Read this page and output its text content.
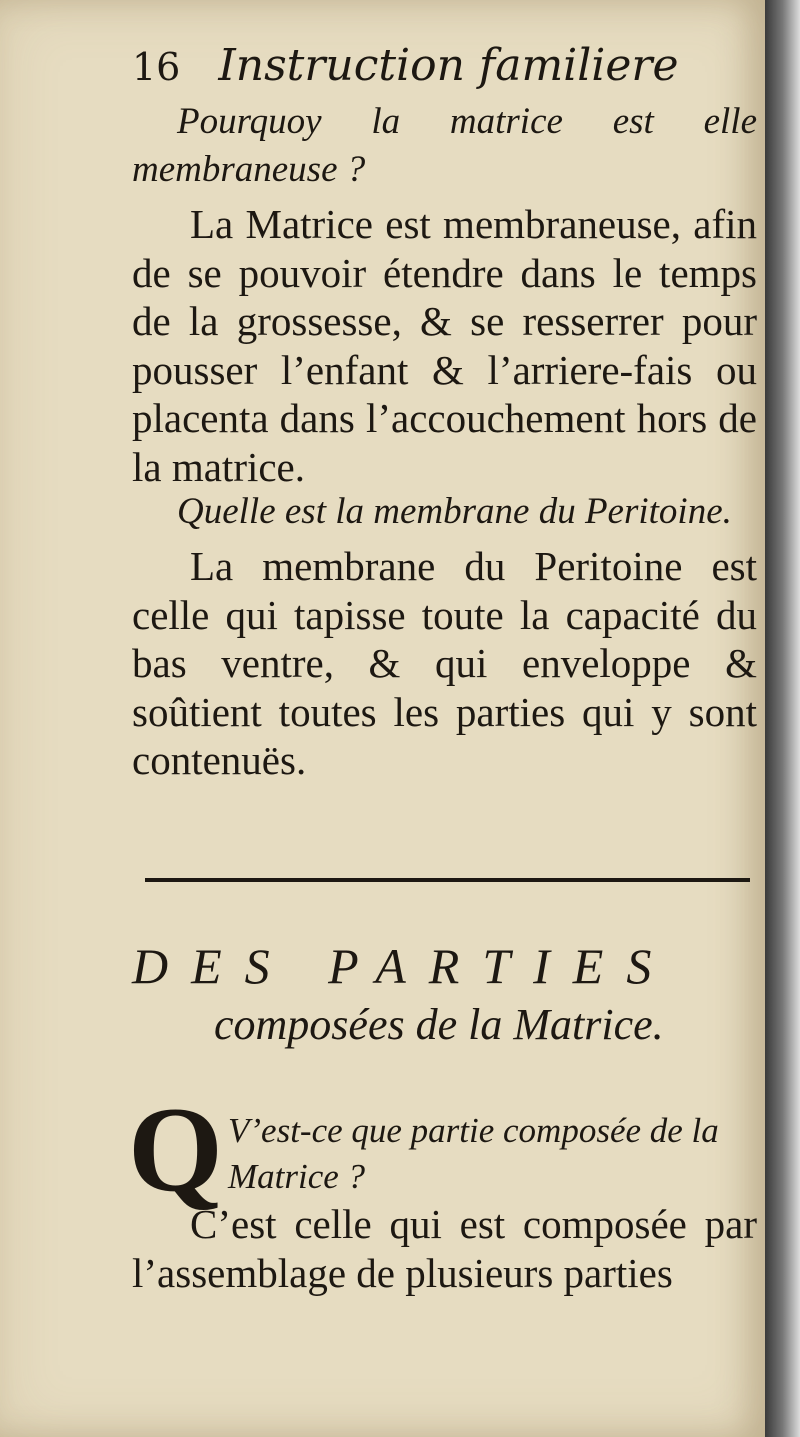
16 Instruction familiere
Pourquoy la matrice est elle membraneuse ?
La Matrice est membraneuse, afin de se pouvoir étendre dans le temps de la grossesse, & se resserrer pour pousser l’enfant & l’arriere-fais ou placenta dans l’accouchement hors de la matrice.
Quelle est la membrane du Peritoine.
La membrane du Peritoine est celle qui tapisse toute la capacité du bas ventre, & qui enveloppe & soûtient toutes les parties qui y sont contenuës.
DES PARTIES
composées de la Matrice.
Q V’est-ce que partie composée de la Matrice ?
C’est celle qui est composée par l’assemblage de plusieurs parties
